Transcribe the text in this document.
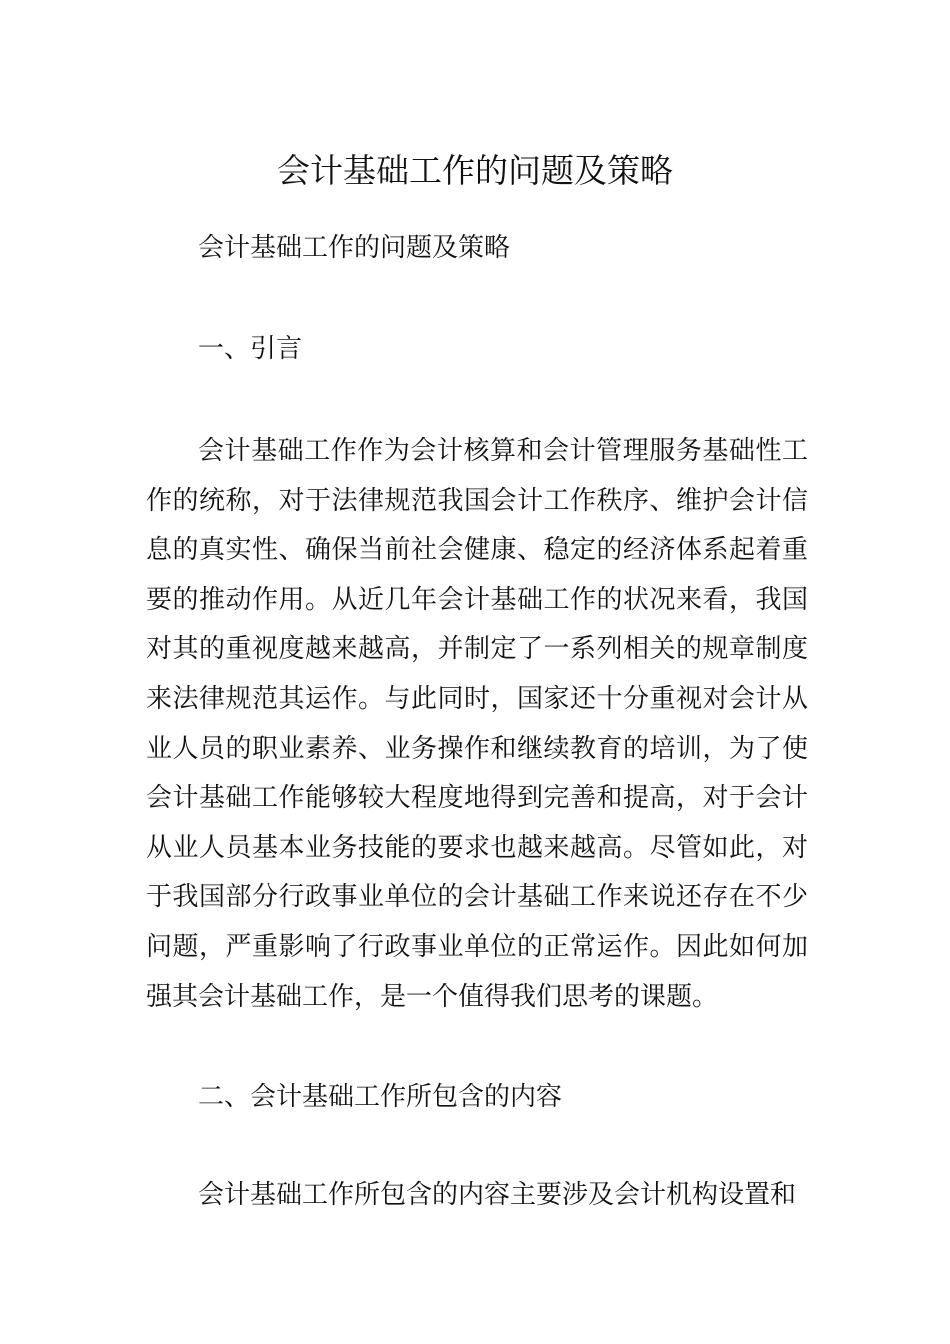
会计基础工作的问题及策略

会计基础工作的问题及策略

一、引言

会计基础工作作为会计核算和会计管理服务基础性工作的统称，对于法律规范我国会计工作秩序、维护会计信息的真实性、确保当前社会健康、稳定的经济体系起着重要的推动作用。从近几年会计基础工作的状况来看，我国对其的重视度越来越高，并制定了一系列相关的规章制度来法律规范其运作。与此同时，国家还十分重视对会计从业人员的职业素养、业务操作和继续教育的培训，为了使会计基础工作能够较大程度地得到完善和提高，对于会计从业人员基本业务技能的要求也越来越高。尽管如此，对于我国部分行政事业单位的会计基础工作来说还存在不少问题，严重影响了行政事业单位的正常运作。因此如何加强其会计基础工作，是一个值得我们思考的课题。

二、会计基础工作所包含的内容

会计基础工作所包含的内容主要涉及会计机构设置和
